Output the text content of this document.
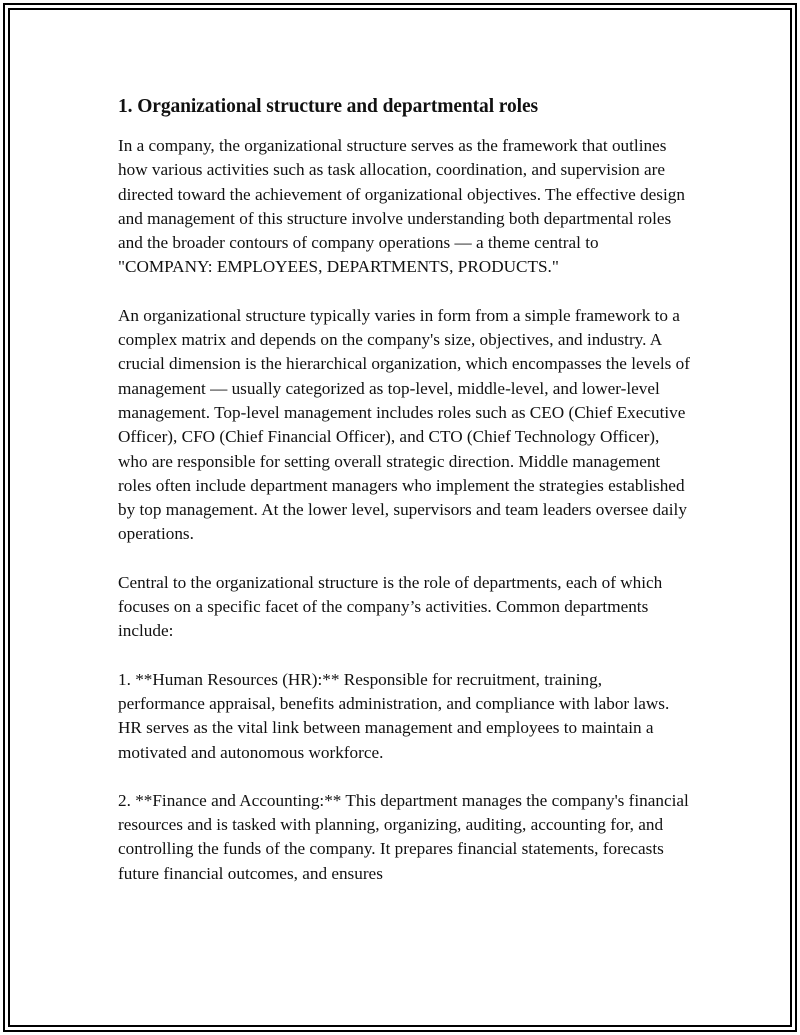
1. Organizational structure and departmental roles

In a company, the organizational structure serves as the framework that outlines how various activities such as task allocation, coordination, and supervision are directed toward the achievement of organizational objectives. The effective design and management of this structure involve understanding both departmental roles and the broader contours of company operations — a theme central to "COMPANY: EMPLOYEES, DEPARTMENTS, PRODUCTS."

An organizational structure typically varies in form from a simple framework to a complex matrix and depends on the company's size, objectives, and industry. A crucial dimension is the hierarchical organization, which encompasses the levels of management — usually categorized as top-level, middle-level, and lower-level management. Top-level management includes roles such as CEO (Chief Executive Officer), CFO (Chief Financial Officer), and CTO (Chief Technology Officer), who are responsible for setting overall strategic direction. Middle management roles often include department managers who implement the strategies established by top management. At the lower level, supervisors and team leaders oversee daily operations.

Central to the organizational structure is the role of departments, each of which focuses on a specific facet of the company’s activities. Common departments include:

1. **Human Resources (HR):** Responsible for recruitment, training, performance appraisal, benefits administration, and compliance with labor laws. HR serves as the vital link between management and employees to maintain a motivated and autonomous workforce.

2. **Finance and Accounting:** This department manages the company's financial resources and is tasked with planning, organizing, auditing, accounting for, and controlling the funds of the company. It prepares financial statements, forecasts future financial outcomes, and ensures
